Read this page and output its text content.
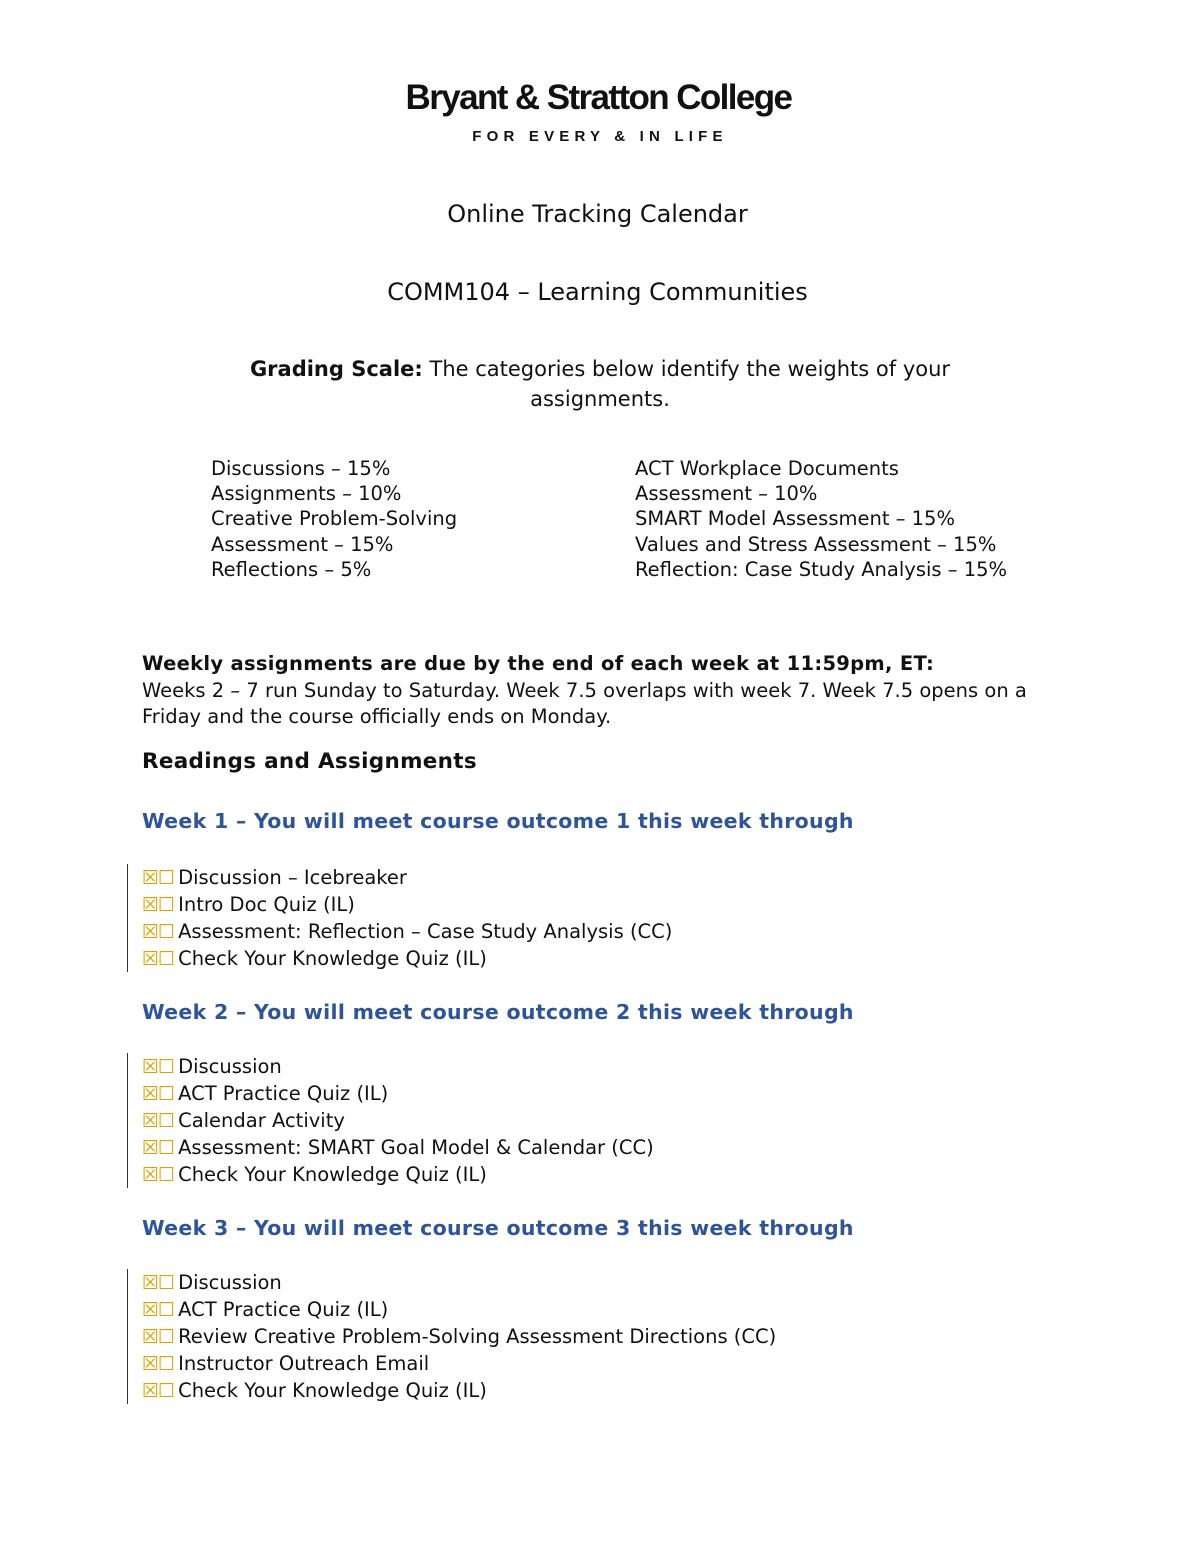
Bryant & Stratton College
FOR EVERY & IN LIFE
Online Tracking Calendar
COMM104 – Learning Communities
Grading Scale: The categories below identify the weights of your assignments.
Discussions – 15%
Assignments – 10%
Creative Problem-Solving
Assessment – 15%
Reflections – 5%
ACT Workplace Documents
Assessment – 10%
SMART Model Assessment – 15%
Values and Stress Assessment – 15%
Reflection: Case Study Analysis – 15%
Weekly assignments are due by the end of each week at 11:59pm, ET:
Weeks 2 – 7 run Sunday to Saturday. Week 7.5 overlaps with week 7. Week 7.5 opens on a Friday and the course officially ends on Monday.
Readings and Assignments
Week 1 – You will meet course outcome 1 this week through
☒☐ Discussion – Icebreaker
☒☐ Intro Doc Quiz (IL)
☒☐ Assessment: Reflection – Case Study Analysis (CC)
☒☐ Check Your Knowledge Quiz (IL)
Week 2 – You will meet course outcome 2 this week through
☒☐ Discussion
☒☐ ACT Practice Quiz (IL)
☒☐ Calendar Activity
☒☐ Assessment: SMART Goal Model & Calendar (CC)
☒☐ Check Your Knowledge Quiz (IL)
Week 3 – You will meet course outcome 3 this week through
☒☐ Discussion
☒☐ ACT Practice Quiz (IL)
☒☐ Review Creative Problem-Solving Assessment Directions (CC)
☒☐ Instructor Outreach Email
☒☐ Check Your Knowledge Quiz (IL)
